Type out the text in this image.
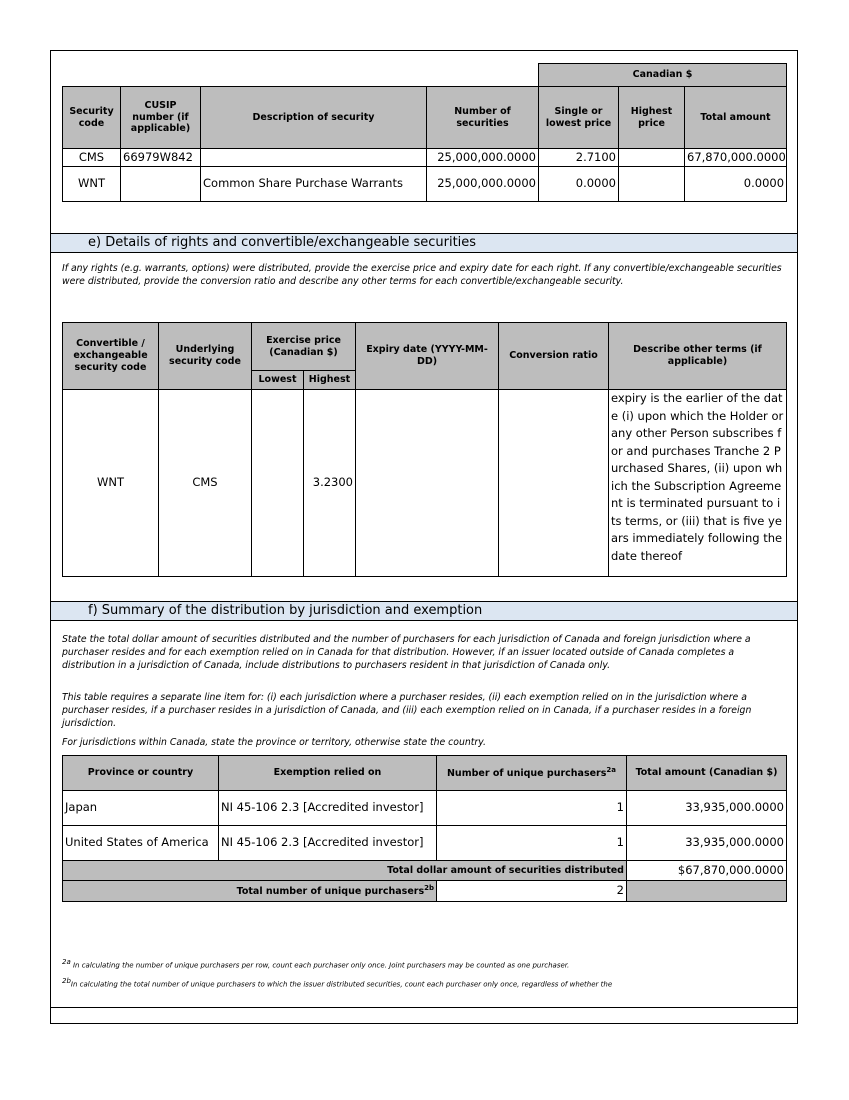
				Canadian $		
Security code	CUSIP number (if applicable)	Description of security	Number of securities	Single or lowest price	Highest price	Total amount
CMS	66979W842		25,000,000.0000	2.7100		67,870,000.0000
WNT		Common Share Purchase Warrants	25,000,000.0000	0.0000		0.0000
e) Details of rights and convertible/exchangeable securities
If any rights (e.g. warrants, options) were distributed, provide the exercise price and expiry date for each right. If any convertible/exchangeable securities were distributed, provide the conversion ratio and describe any other terms for each convertible/exchangeable security.
Convertible / exchangeable security code	Underlying security code	Exercise price (Canadian $)		Expiry date (YYYY-MM-DD)	Conversion ratio	Describe other terms (if applicable)
		Lowest	Highest			
WNT	CMS		3.2300			expiry is the earlier of the date (i) upon which the Holder or any other Person subscribes for and purchases Tranche 2 Purchased Shares, (ii) upon which the Subscription Agreement is terminated pursuant to its terms, or (iii) that is five years immediately following the date thereof
f) Summary of the distribution by jurisdiction and exemption
State the total dollar amount of securities distributed and the number of purchasers for each jurisdiction of Canada and foreign jurisdiction where a purchaser resides and for each exemption relied on in Canada for that distribution. However, if an issuer located outside of Canada completes a distribution in a jurisdiction of Canada, include distributions to purchasers resident in that jurisdiction of Canada only.
This table requires a separate line item for: (i) each jurisdiction where a purchaser resides, (ii) each exemption relied on in the jurisdiction where a purchaser resides, if a purchaser resides in a jurisdiction of Canada, and (iii) each exemption relied on in Canada, if a purchaser resides in a foreign jurisdiction.
For jurisdictions within Canada, state the province or territory, otherwise state the country.
Province or country	Exemption relied on	Number of unique purchasers$^{2a}$	Total amount (Canadian $)
Japan	NI 45-106 2.3 [Accredited investor]	1	33,935,000.0000
United States of America	NI 45-106 2.3 [Accredited investor]	1	33,935,000.0000
Total dollar amount of securities distributed			$67,870,000.0000
Total number of unique purchasers$^{2b}$		2	
$^{2a}$ In calculating the number of unique purchasers per row, count each purchaser only once. Joint purchasers may be counted as one purchaser.
$^{2b}$In calculating the total number of unique purchasers to which the issuer distributed securities, count each purchaser only once, regardless of whether the
